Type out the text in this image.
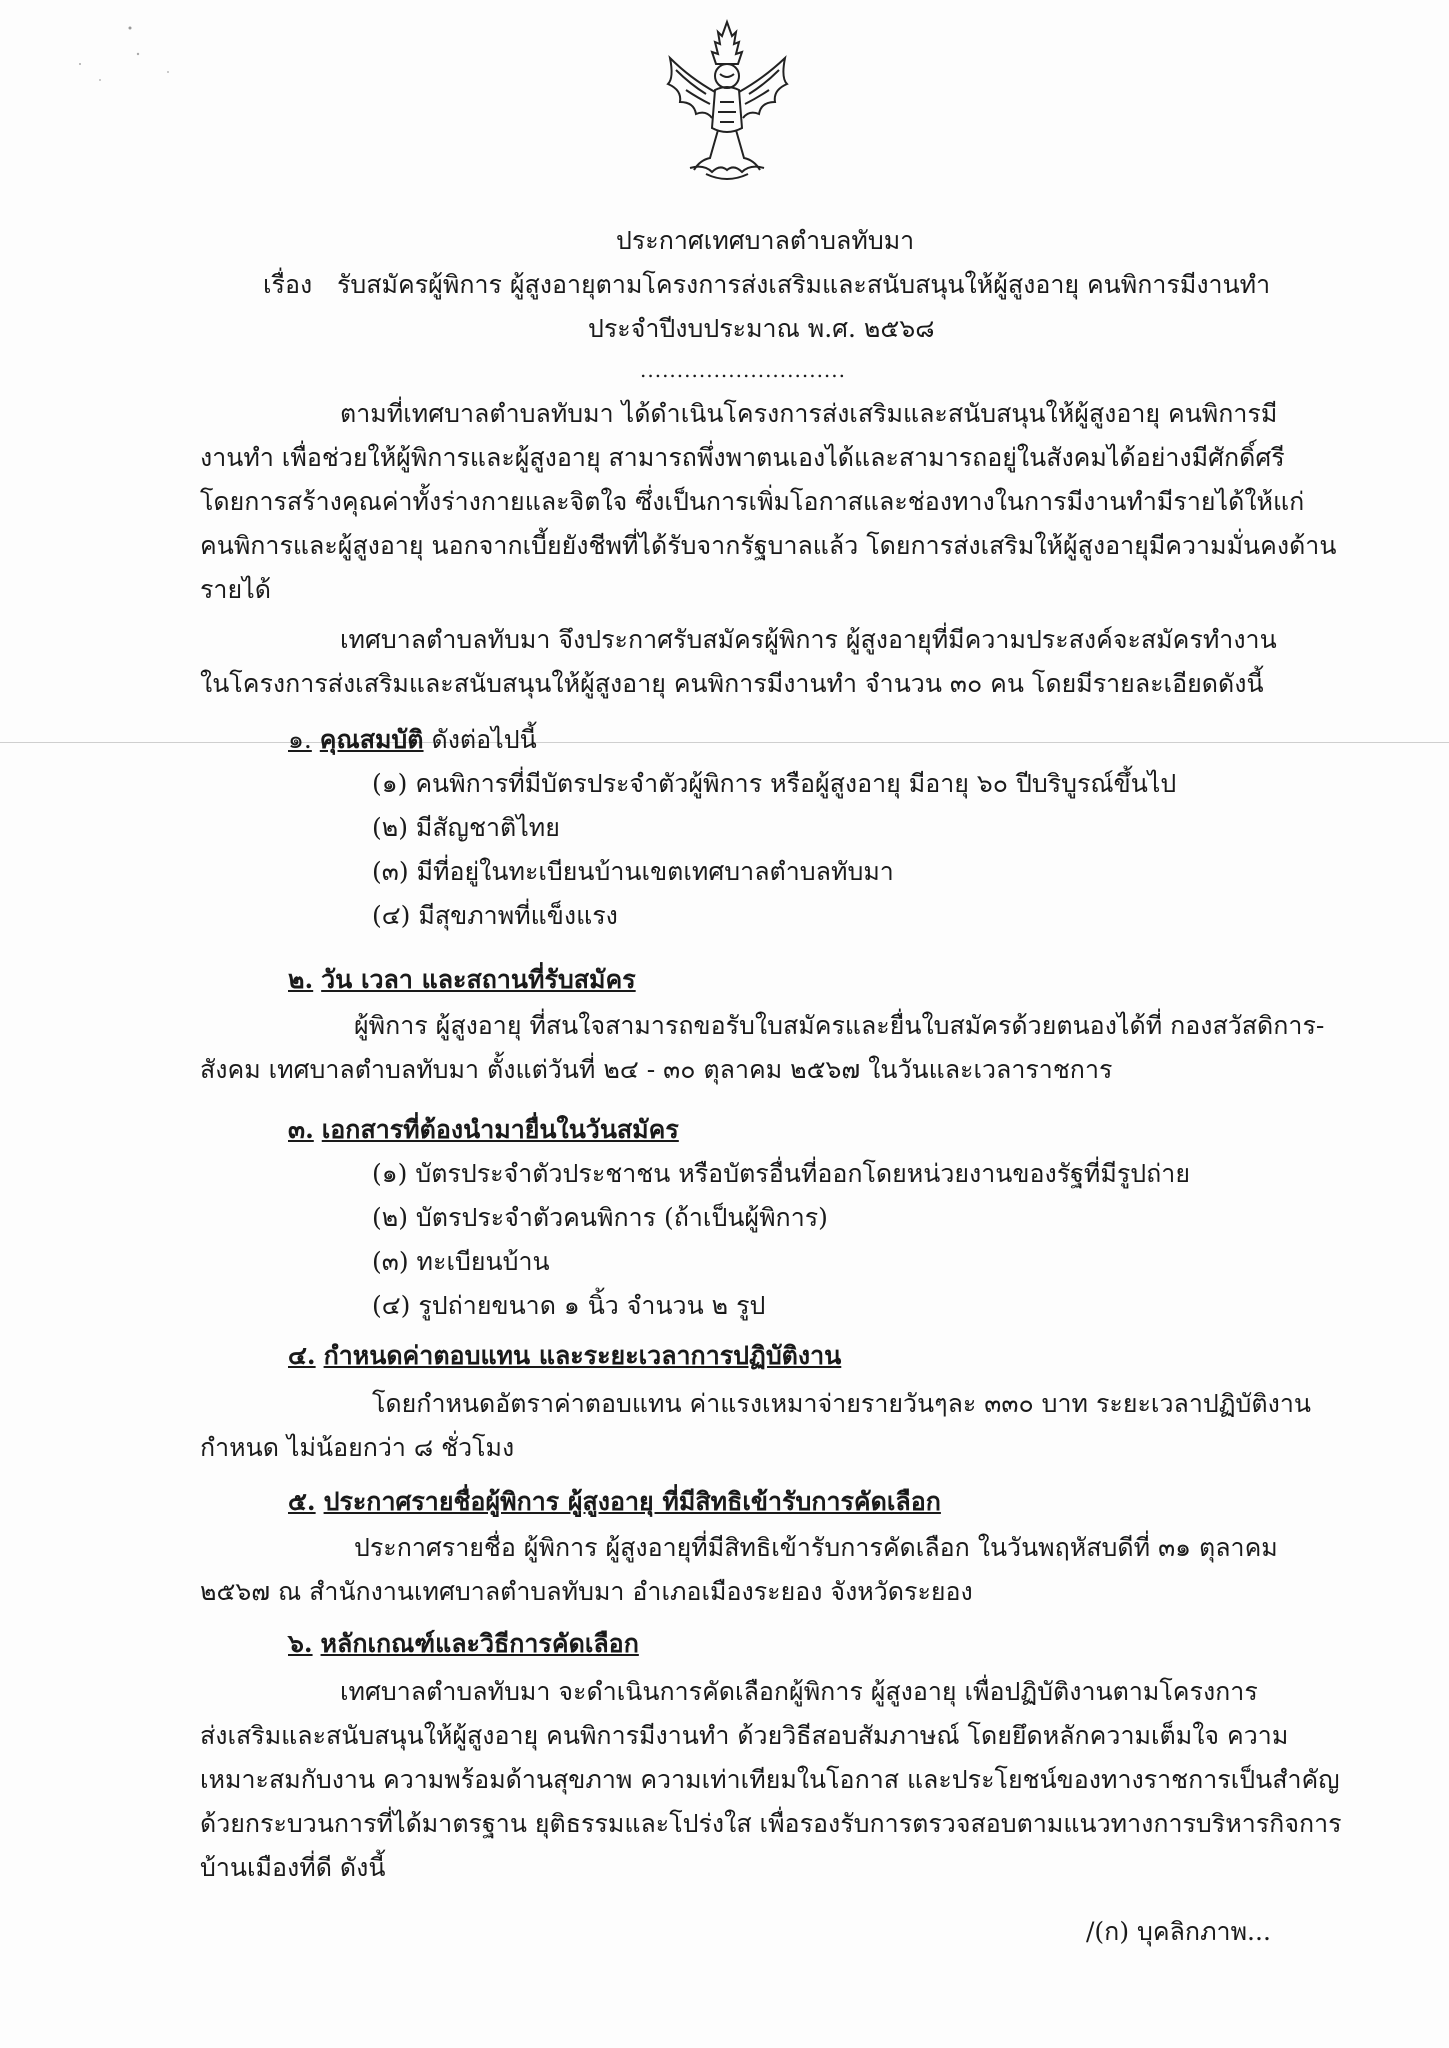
ประกาศเทศบาลตำบลทับมา
เรื่อง รับสมัครผู้พิการ ผู้สูงอายุตามโครงการส่งเสริมและสนับสนุนให้ผู้สูงอายุ คนพิการมีงานทำ
ประจำปีงบประมาณ พ.ศ. ๒๕๖๘
............................
ตามที่เทศบาลตำบลทับมา ได้ดำเนินโครงการส่งเสริมและสนับสนุนให้ผู้สูงอายุ คนพิการมี
งานทำ เพื่อช่วยให้ผู้พิการและผู้สูงอายุ สามารถพึ่งพาตนเองได้และสามารถอยู่ในสังคมได้อย่างมีศักดิ์ศรี
โดยการสร้างคุณค่าทั้งร่างกายและจิตใจ ซึ่งเป็นการเพิ่มโอกาสและช่องทางในการมีงานทำมีรายได้ให้แก่
คนพิการและผู้สูงอายุ นอกจากเบี้ยยังชีพที่ได้รับจากรัฐบาลแล้ว โดยการส่งเสริมให้ผู้สูงอายุมีความมั่นคงด้าน
รายได้
เทศบาลตำบลทับมา จึงประกาศรับสมัครผู้พิการ ผู้สูงอายุที่มีความประสงค์จะสมัครทำงาน
ในโครงการส่งเสริมและสนับสนุนให้ผู้สูงอายุ คนพิการมีงานทำ จำนวน ๓๐ คน โดยมีรายละเอียดดังนี้
๑. คุณสมบัติ ดังต่อไปนี้
(๑) คนพิการที่มีบัตรประจำตัวผู้พิการ หรือผู้สูงอายุ มีอายุ ๖๐ ปีบริบูรณ์ขึ้นไป
(๒) มีสัญชาติไทย
(๓) มีที่อยู่ในทะเบียนบ้านเขตเทศบาลตำบลทับมา
(๔) มีสุขภาพที่แข็งแรง
๒. วัน เวลา และสถานที่รับสมัคร
ผู้พิการ ผู้สูงอายุ ที่สนใจสามารถขอรับใบสมัครและยื่นใบสมัครด้วยตนองได้ที่ กองสวัสดิการ-
สังคม เทศบาลตำบลทับมา ตั้งแต่วันที่ ๒๔ - ๓๐ ตุลาคม ๒๕๖๗ ในวันและเวลาราชการ
๓. เอกสารที่ต้องนำมายื่นในวันสมัคร
(๑) บัตรประจำตัวประชาชน หรือบัตรอื่นที่ออกโดยหน่วยงานของรัฐที่มีรูปถ่าย
(๒) บัตรประจำตัวคนพิการ (ถ้าเป็นผู้พิการ)
(๓) ทะเบียนบ้าน
(๔) รูปถ่ายขนาด ๑ นิ้ว จำนวน ๒ รูป
๔. กำหนดค่าตอบแทน และระยะเวลาการปฏิบัติงาน
โดยกำหนดอัตราค่าตอบแทน ค่าแรงเหมาจ่ายรายวันๆละ ๓๓๐ บาท ระยะเวลาปฏิบัติงาน
กำหนด ไม่น้อยกว่า ๘ ชั่วโมง
๕. ประกาศรายชื่อผู้พิการ ผู้สูงอายุ ที่มีสิทธิเข้ารับการคัดเลือก
ประกาศรายชื่อ ผู้พิการ ผู้สูงอายุที่มีสิทธิเข้ารับการคัดเลือก ในวันพฤหัสบดีที่ ๓๑ ตุลาคม
๒๕๖๗ ณ สำนักงานเทศบาลตำบลทับมา อำเภอเมืองระยอง จังหวัดระยอง
๖. หลักเกณฑ์และวิธีการคัดเลือก
เทศบาลตำบลทับมา จะดำเนินการคัดเลือกผู้พิการ ผู้สูงอายุ เพื่อปฏิบัติงานตามโครงการ
ส่งเสริมและสนับสนุนให้ผู้สูงอายุ คนพิการมีงานทำ ด้วยวิธีสอบสัมภาษณ์ โดยยึดหลักความเต็มใจ ความ
เหมาะสมกับงาน ความพร้อมด้านสุขภาพ ความเท่าเทียมในโอกาส และประโยชน์ของทางราชการเป็นสำคัญ
ด้วยกระบวนการที่ได้มาตรฐาน ยุติธรรมและโปร่งใส เพื่อรองรับการตรวจสอบตามแนวทางการบริหารกิจการ
บ้านเมืองที่ดี ดังนี้
/(ก) บุคลิกภาพ...
